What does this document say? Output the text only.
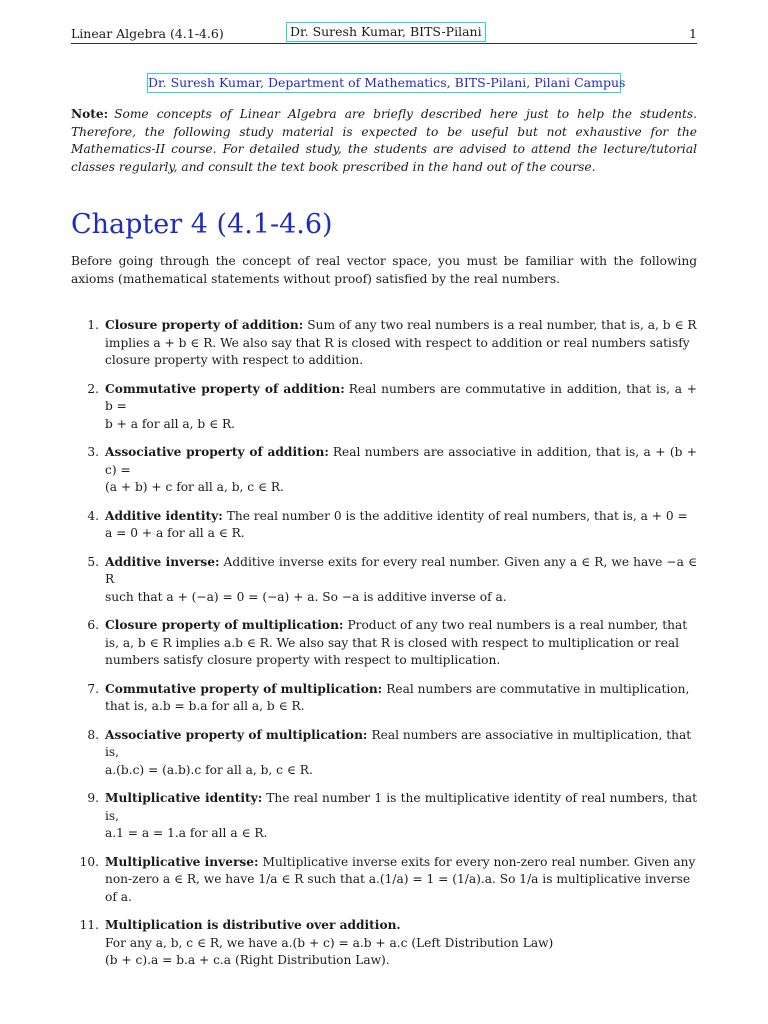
Linear Algebra (4.1-4.6)	Dr. Suresh Kumar, BITS-Pilani	1
Dr. Suresh Kumar, Department of Mathematics, BITS-Pilani, Pilani Campus
Note: Some concepts of Linear Algebra are briefly described here just to help the students. Therefore, the following study material is expected to be useful but not exhaustive for the Mathematics-II course. For detailed study, the students are advised to attend the lecture/tutorial classes regularly, and consult the text book prescribed in the hand out of the course.
Chapter 4 (4.1-4.6)
Before going through the concept of real vector space, you must be familiar with the following axioms (mathematical statements without proof) satisfied by the real numbers.
1. Closure property of addition: Sum of any two real numbers is a real number, that is, a, b ∈ R
implies a + b ∈ R. We also say that R is closed with respect to addition or real numbers satisfy
closure property with respect to addition.
2. Commutative property of addition: Real numbers are commutative in addition, that is, a + b =
b + a for all a, b ∈ R.
3. Associative property of addition: Real numbers are associative in addition, that is, a + (b + c) =
(a + b) + c for all a, b, c ∈ R.
4. Additive identity: The real number 0 is the additive identity of real numbers, that is, a + 0 =
a = 0 + a for all a ∈ R.
5. Additive inverse: Additive inverse exits for every real number. Given any a ∈ R, we have −a ∈ R
such that a + (−a) = 0 = (−a) + a. So −a is additive inverse of a.
6. Closure property of multiplication: Product of any two real numbers is a real number, that
is, a, b ∈ R implies a.b ∈ R. We also say that R is closed with respect to multiplication or real
numbers satisfy closure property with respect to multiplication.
7. Commutative property of multiplication: Real numbers are commutative in multiplication,
that is, a.b = b.a for all a, b ∈ R.
8. Associative property of multiplication: Real numbers are associative in multiplication, that
is,
a.(b.c) = (a.b).c for all a, b, c ∈ R.
9. Multiplicative identity: The real number 1 is the multiplicative identity of real numbers, that is,
a.1 = a = 1.a for all a ∈ R.
10. Multiplicative inverse: Multiplicative inverse exits for every non-zero real number. Given any
non-zero a ∈ R, we have 1/a ∈ R such that a.(1/a) = 1 = (1/a).a. So 1/a is multiplicative inverse
of a.
11. Multiplication is distributive over addition.
For any a, b, c ∈ R, we have a.(b + c) = a.b + a.c (Left Distribution Law)
(b + c).a = b.a + c.a (Right Distribution Law).
